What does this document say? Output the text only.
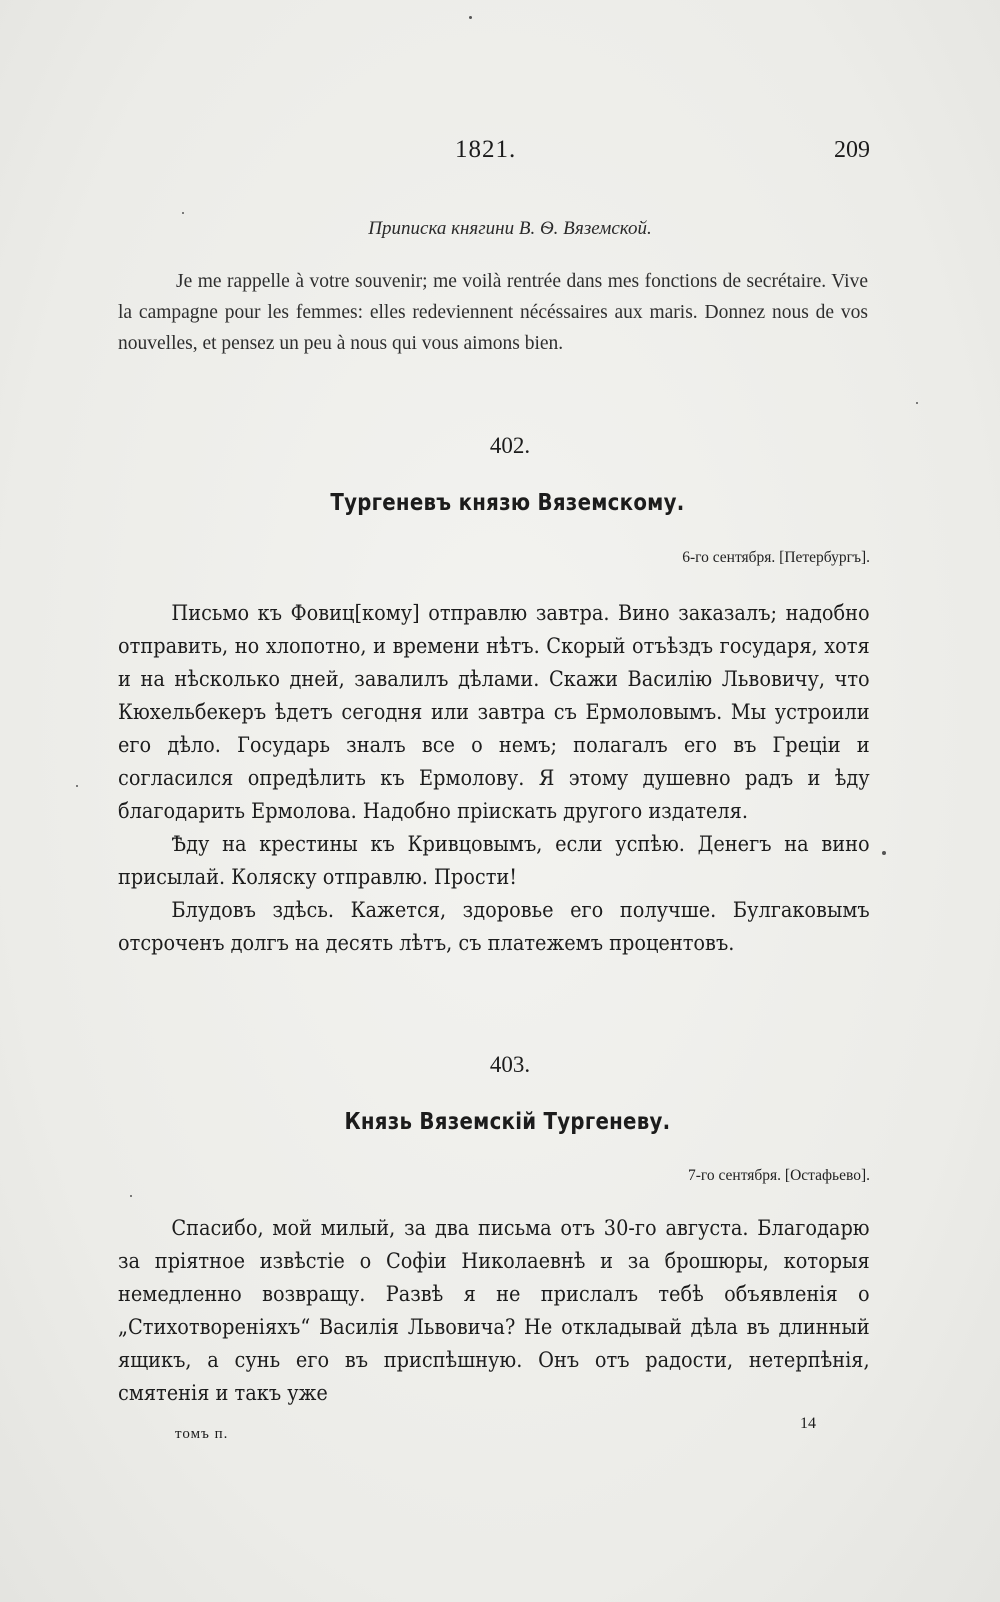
1821.	209
Приписка княгини В. Ѳ. Вяземской.
Je me rappelle à votre souvenir; me voilà rentrée dans mes fonctions de secrétaire. Vive la campagne pour les femmes: elles redeviennent nécéssaires aux maris. Donnez nous de vos nouvelles, et pensez un peu à nous qui vous aimons bien.
402.
Тургеневъ князю Вяземскому.
6-го сентября. [Петербургъ].

Письмо къ Фовиц[кому] отправлю завтра. Вино заказалъ; надобно отправить, но хлопотно, и времени нѣтъ. Скорый отъѣздъ государя, хотя и на нѣсколько дней, завалилъ дѣлами. Скажи Василію Львовичу, что Кюхельбекеръ ѣдетъ сегодня или завтра съ Ермоловымъ. Мы устроили его дѣло. Государь зналъ все о немъ; полагалъ его въ Греціи и согласился опредѣлить къ Ермолову. Я этому душевно радъ и ѣду благодарить Ермолова. Надобно пріискать другого издателя.

Ѣду на крестины къ Кривцовымъ, если успѣю. Денегъ на вино присылай. Коляску отправлю. Прости!

Блудовъ здѣсь. Кажется, здоровье его получше. Булгаковымъ отсроченъ долгъ на десять лѣтъ, съ платежемъ процентовъ.

403.
Князь Вяземскій Тургеневу.
7-го сентября. [Остафьево].

Спасибо, мой милый, за два письма отъ 30-го августа. Благодарю за пріятное извѣстіе о Софіи Николаевнѣ и за брошюры, которыя немедленно возвращу. Развѣ я не прислалъ тебѣ объявленія о „Стихотвореніяхъ“ Василія Львовича? Не откладывай дѣла въ длинный ящикъ, а сунь его въ приспѣшную. Онъ отъ радости, нетерпѣнія, смятенія и такъ уже

томъ п.
14
